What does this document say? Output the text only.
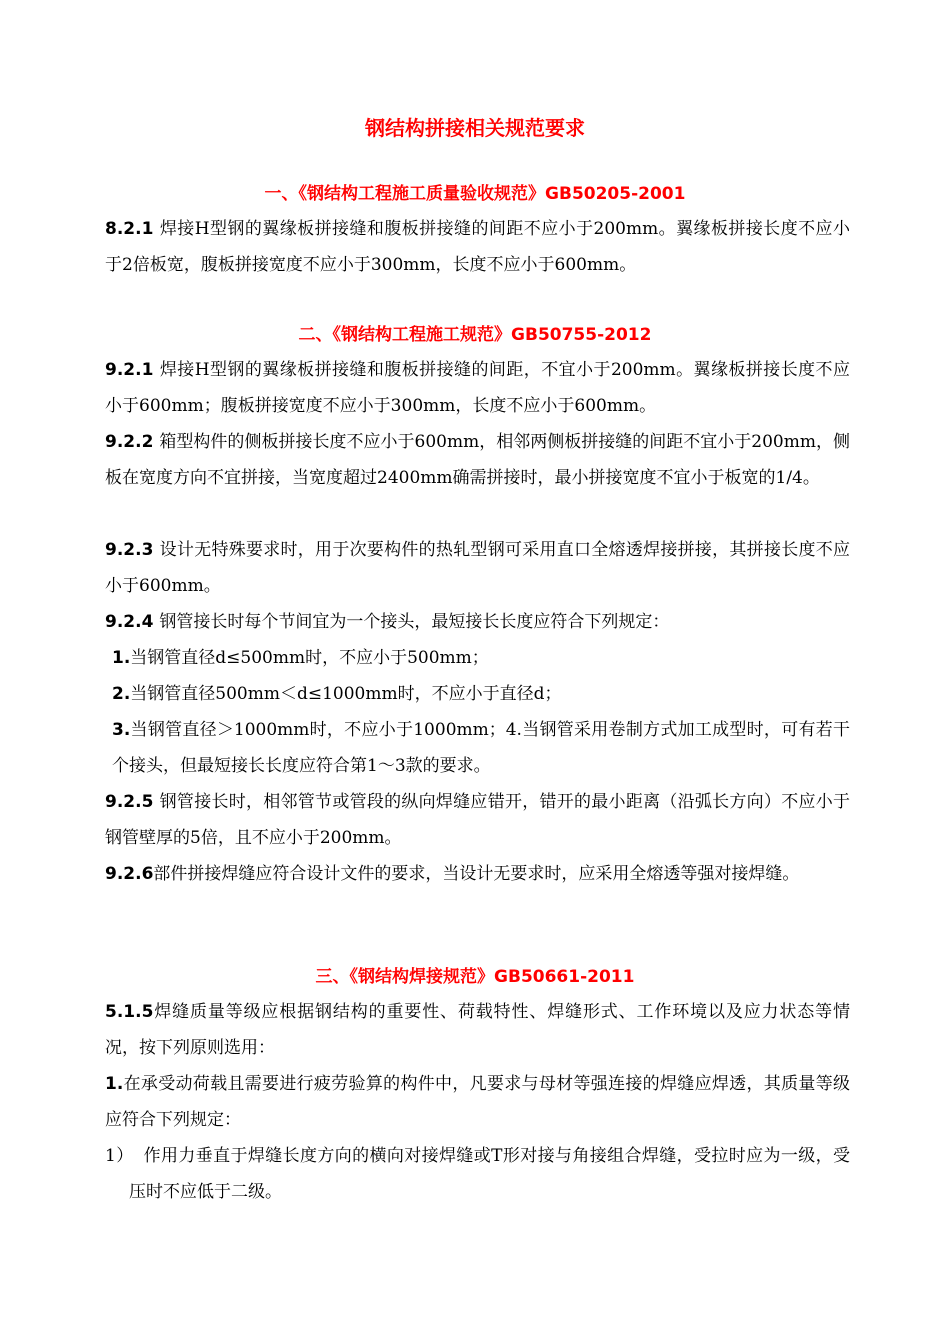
钢结构拼接相关规范要求
一、《钢结构工程施工质量验收规范》GB50205-2001
8.2.1 焊接H型钢的翼缘板拼接缝和腹板拼接缝的间距不应小于200mm。翼缘板拼接长度不应小于2倍板宽，腹板拼接宽度不应小于300mm，长度不应小于600mm。
二、《钢结构工程施工规范》GB50755-2012
9.2.1 焊接H型钢的翼缘板拼接缝和腹板拼接缝的间距，不宜小于200mm。翼缘板拼接长度不应小于600mm；腹板拼接宽度不应小于300mm，长度不应小于600mm。
9.2.2 箱型构件的侧板拼接长度不应小于600mm，相邻两侧板拼接缝的间距不宜小于200mm，侧板在宽度方向不宜拼接，当宽度超过2400mm确需拼接时，最小拼接宽度不宜小于板宽的1/4。
9.2.3 设计无特殊要求时，用于次要构件的热轧型钢可采用直口全熔透焊接拼接，其拼接长度不应小于600mm。
9.2.4 钢管接长时每个节间宜为一个接头，最短接长长度应符合下列规定：
1.当钢管直径d≤500mm时，不应小于500mm；
2.当钢管直径500mm＜d≤1000mm时，不应小于直径d；
3.当钢管直径＞1000mm时，不应小于1000mm；4.当钢管采用卷制方式加工成型时，可有若干个接头，但最短接长长度应符合第1～3款的要求。
9.2.5 钢管接长时，相邻管节或管段的纵向焊缝应错开，错开的最小距离（沿弧长方向）不应小于钢管壁厚的5倍，且不应小于200mm。
9.2.6部件拼接焊缝应符合设计文件的要求，当设计无要求时，应采用全熔透等强对接焊缝。
三、《钢结构焊接规范》GB50661-2011
5.1.5焊缝质量等级应根据钢结构的重要性、荷载特性、焊缝形式、工作环境以及应力状态等情况，按下列原则选用：
1.在承受动荷载且需要进行疲劳验算的构件中，凡要求与母材等强连接的焊缝应焊透，其质量等级应符合下列规定：
1） 作用力垂直于焊缝长度方向的横向对接焊缝或T形对接与角接组合焊缝，受拉时应为一级，受压时不应低于二级。
